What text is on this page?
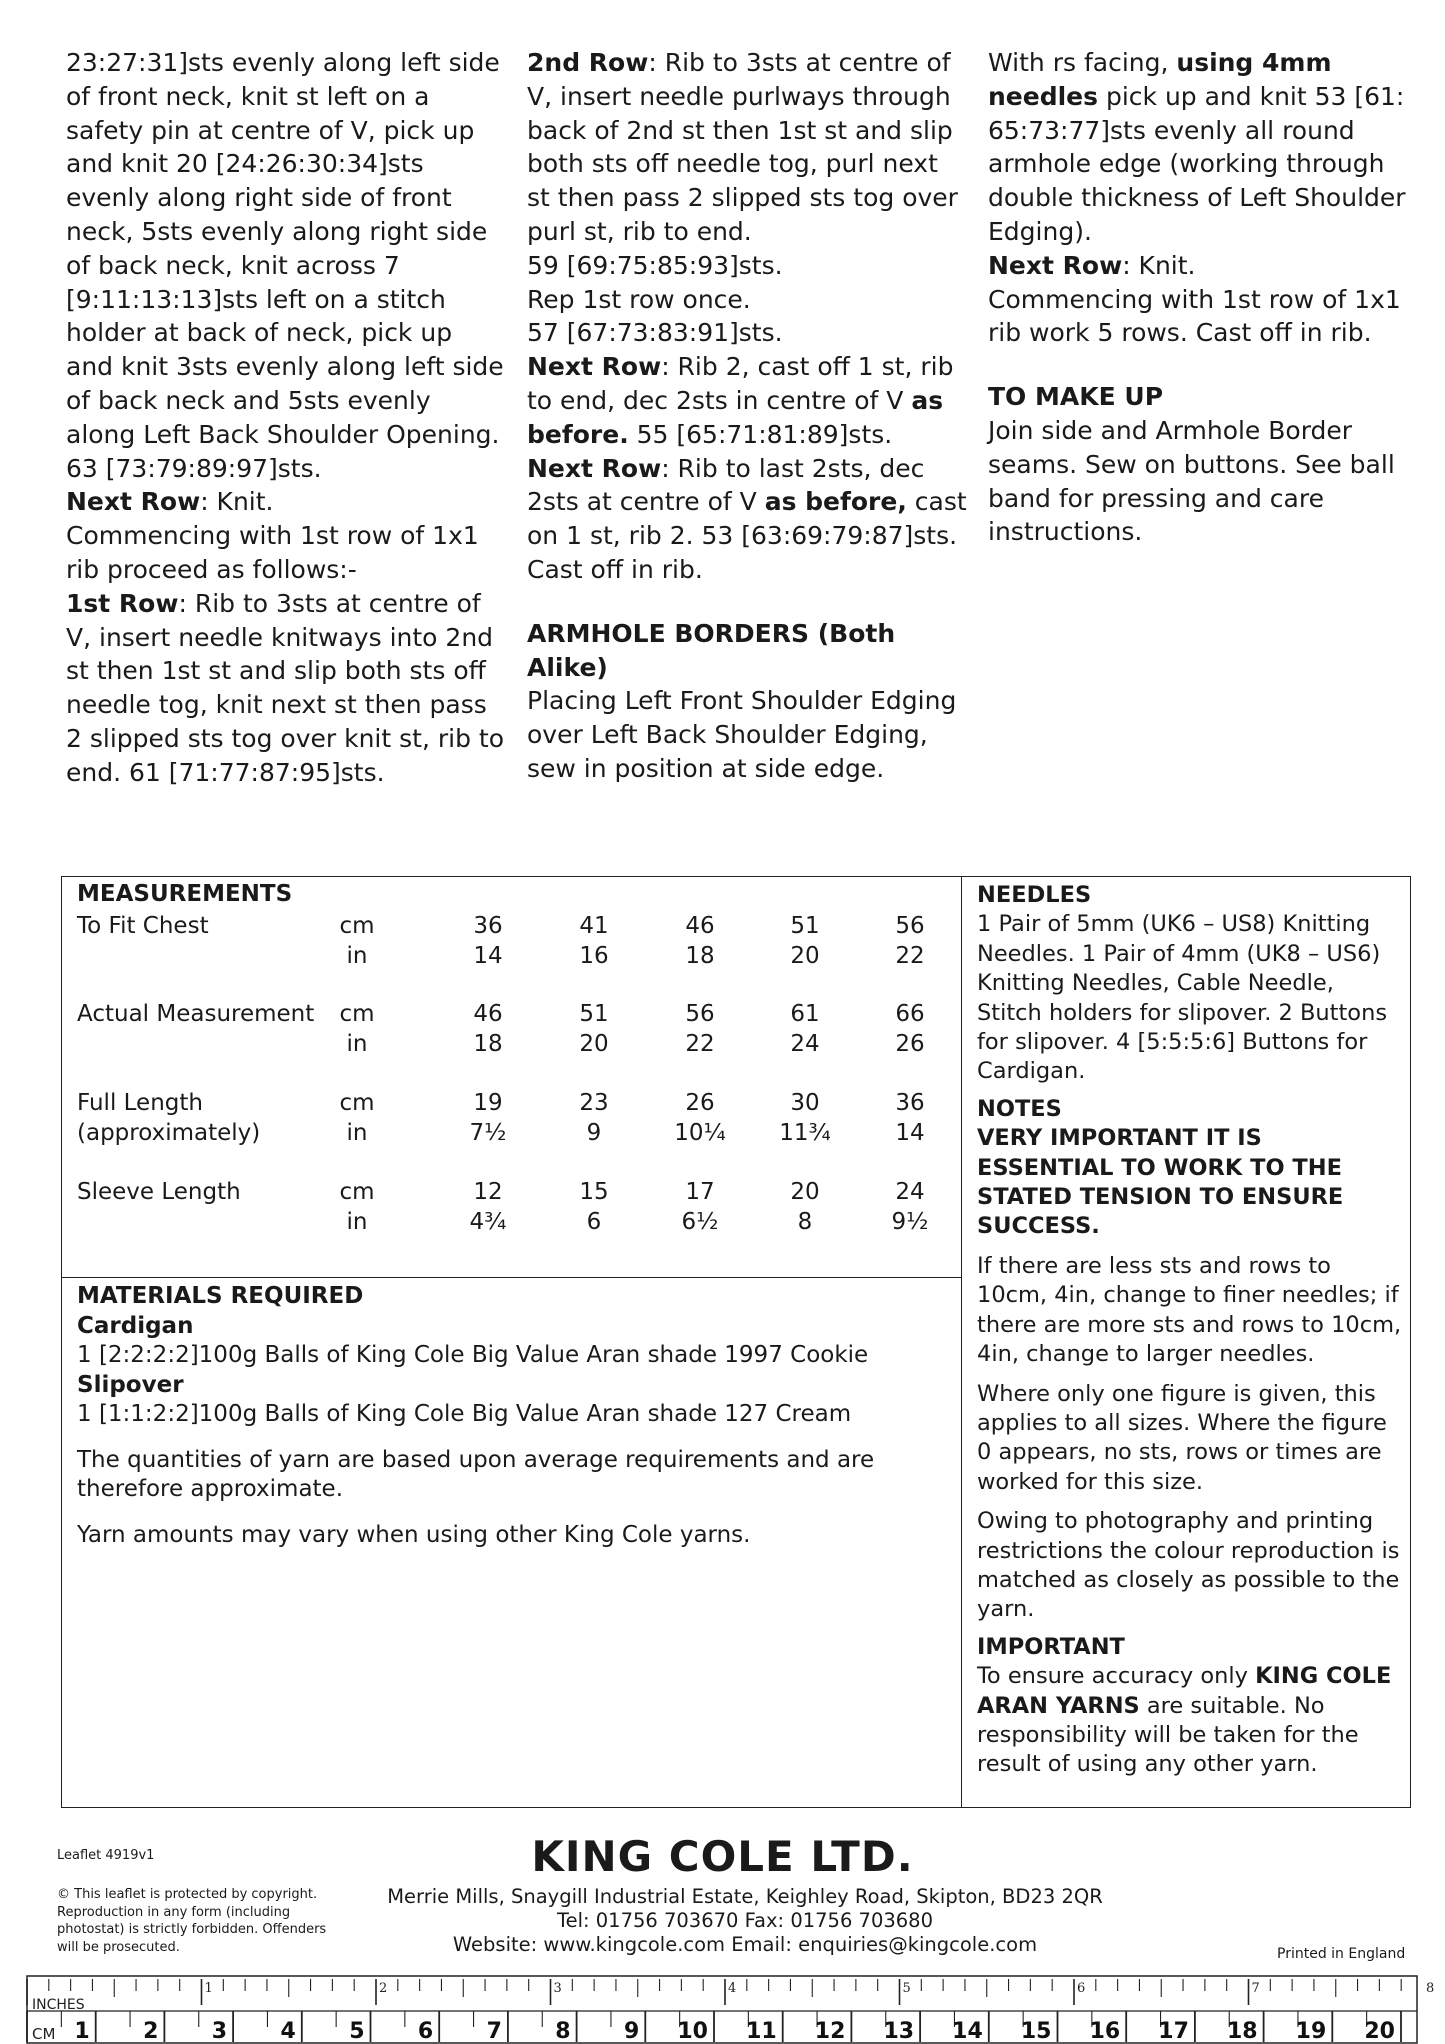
23:27:31]sts evenly along left side of front neck, knit st left on a safety pin at centre of V, pick up and knit 20 [24:26:30:34]sts evenly along right side of front neck, 5sts evenly along right side of back neck, knit across 7 [9:11:13:13]sts left on a stitch holder at back of neck, pick up and knit 3sts evenly along left side of back neck and 5sts evenly along Left Back Shoulder Opening. 63 [73:79:89:97]sts.
Next Row: Knit.
Commencing with 1st row of 1x1 rib proceed as follows:-
1st Row: Rib to 3sts at centre of V, insert needle knitways into 2nd st then 1st st and slip both sts off needle tog, knit next st then pass 2 slipped sts tog over knit st, rib to end. 61 [71:77:87:95]sts.
2nd Row: Rib to 3sts at centre of V, insert needle purlways through back of 2nd st then 1st st and slip both sts off needle tog, purl next st then pass 2 slipped sts tog over purl st, rib to end.
59 [69:75:85:93]sts.
Rep 1st row once.
57 [67:73:83:91]sts.
Next Row: Rib 2, cast off 1 st, rib to end, dec 2sts in centre of V as before. 55 [65:71:81:89]sts.
Next Row: Rib to last 2sts, dec 2sts at centre of V as before, cast on 1 st, rib 2. 53 [63:69:79:87]sts.
Cast off in rib.
ARMHOLE BORDERS (Both Alike)
Placing Left Front Shoulder Edging over Left Back Shoulder Edging, sew in position at side edge.
With rs facing, using 4mm needles pick up and knit 53 [61: 65:73:77]sts evenly all round armhole edge (working through double thickness of Left Shoulder Edging).
Next Row: Knit.
Commencing with 1st row of 1x1 rib work 5 rows. Cast off in rib.
TO MAKE UP
Join side and Armhole Border seams. Sew on buttons. See ball band for pressing and care instructions.
MEASUREMENTS
To Fit Chest	cm	36	41	46	51	56
in	14	16	18	20	22
Actual Measurement	cm	46	51	56	61	66
in	18	20	22	24	26
Full Length	cm	19	23	26	30	36
(approximately)	in	7½	9	10¼	11¾	14
Sleeve Length	cm	12	15	17	20	24
in	4¾	6	6½	8	9½
MATERIALS REQUIRED
Cardigan
1 [2:2:2:2]100g Balls of King Cole Big Value Aran shade 1997 Cookie
Slipover
1 [1:1:2:2]100g Balls of King Cole Big Value Aran shade 127 Cream
The quantities of yarn are based upon average requirements and are therefore approximate.
Yarn amounts may vary when using other King Cole yarns.

NEEDLES

1 Pair of 5mm (UK6 – US8) Knitting Needles. 1 Pair of 4mm (UK8 – US6) Knitting Needles, Cable Needle, Stitch holders for slipover. 2 Buttons for slipover. 4 [5:5:5:6] Buttons for Cardigan.

NOTES

VERY IMPORTANT IT IS ESSENTIAL TO WORK TO THE STATED TENSION TO ENSURE SUCCESS.

If there are less sts and rows to 10cm, 4in, change to finer needles; if there are more sts and rows to 10cm, 4in, change to larger needles.

Where only one figure is given, this applies to all sizes. Where the figure 0 appears, no sts, rows or times are worked for this size.

Owing to photography and printing restrictions the colour reproduction is matched as closely as possible to the yarn.

IMPORTANT

To ensure accuracy only KING COLE ARAN YARNS are suitable. No responsibility will be taken for the result of using any other yarn.

Leaflet 4919v1
© This leaflet is protected by copyright. Reproduction in any form (including photostat) is strictly forbidden. Offenders will be prosecuted.
KING COLE LTD.
Merrie Mills, Snaygill Industrial Estate, Keighley Road, Skipton, BD23 2QR
Tel: 01756 703670 Fax: 01756 703680
Website: www.kingcole.com Email: enquiries@kingcole.com	Printed in England
INCHES
1	2	3	4	5	6	7	8
CM 1 2 3 4 5 6 7 8 9 10 11 12 13 14 15 16 17 18 19 20
